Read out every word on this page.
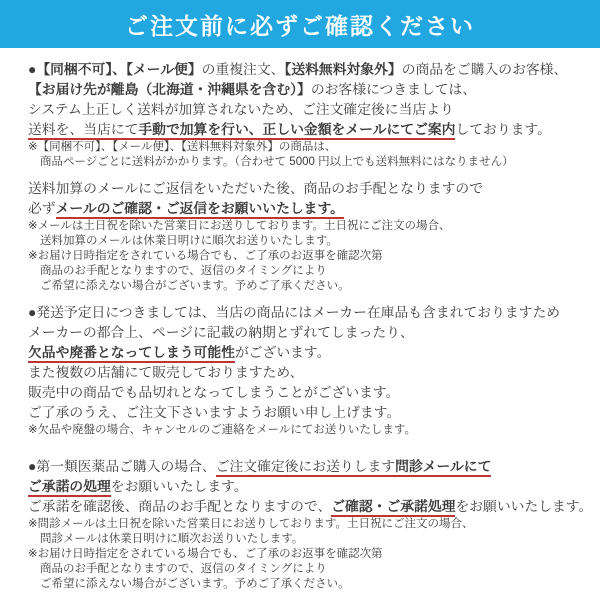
ご注文前に必ずご確認ください
●【同梱不可】、【メール便】の重複注文、【送料無料対象外】の商品をご購入のお客様、
【お届け先が離島（北海道・沖縄県を含む）】のお客様につきましては、
システム上正しく送料が加算されないため、ご注文確定後に当店より
送料を、当店にて手動で加算を行い、正しい金額をメールにてご案内しております。
※【同梱不可】、【メール便】、【送料無料対象外】の商品は、
商品ページごとに送料がかかります。（合わせて 5000 円以上でも送料無料にはなりません）
送料加算のメールにご返信をいただいた後、商品のお手配となりますので
必ずメールのご確認・ご返信をお願いいたします。
※メールは土日祝を除いた営業日にお送りしております。土日祝にご注文の場合、
送料加算のメールは休業日明けに順次お送りいたします。
※お届け日時指定をされている場合でも、ご了承のお返事を確認次第
商品のお手配となりますので、返信のタイミングにより
ご希望に添えない場合がございます。予めご了承ください。
●発送予定日につきましては、当店の商品にはメーカー在庫品も含まれておりますため
メーカーの都合上、ページに記載の納期とずれてしまったり、
欠品や廃番となってしまう可能性がございます。
また複数の店舗にて販売しておりますため、
販売中の商品でも品切れとなってしまうことがございます。
ご了承のうえ、ご注文下さいますようお願い申し上げます。
※欠品や廃盤の場合、キャンセルのご連絡をメールにてお送りいたします。
●第一類医薬品ご購入の場合、ご注文確定後にお送りします問診メールにて
ご承諾の処理をお願いいたします。
ご承諾を確認後、商品のお手配となりますので、ご確認・ご承諾処理をお願いいたします。
※問診メールは土日祝を除いた営業日にお送りしております。土日祝にご注文の場合、
問診メールは休業日明けに順次お送りいたします。
※お届け日時指定をされている場合でも、ご了承のお返事を確認次第
商品のお手配となりますので、返信のタイミングにより
ご希望に添えない場合がございます。予めご了承ください。
